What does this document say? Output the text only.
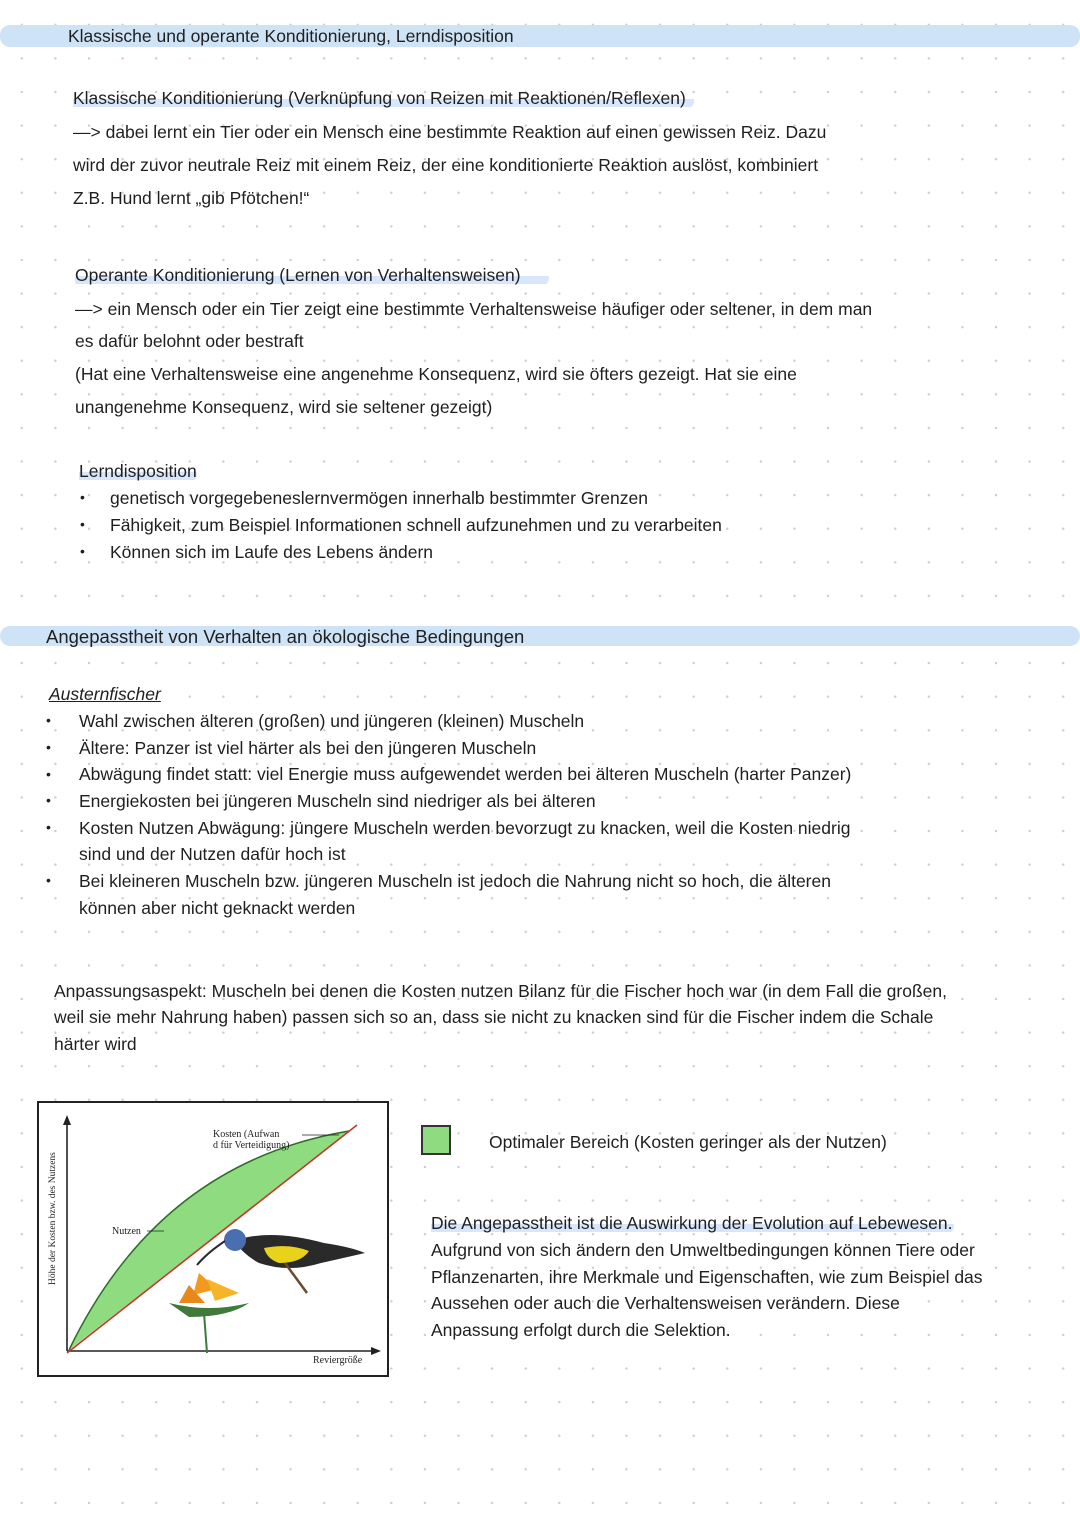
Klassische und operante Konditionierung, Lerndisposition
Klassische Konditionierung (Verknüpfung von Reizen mit Reaktionen/Reflexen)
—> dabei lernt ein Tier oder ein Mensch eine bestimmte Reaktion auf einen gewissen Reiz. Dazu
wird der zuvor neutrale Reiz mit einem Reiz, der eine konditionierte Reaktion auslöst, kombiniert
Z.B. Hund lernt „gib Pfötchen!“
Operante Konditionierung (Lernen von Verhaltensweisen)
—> ein Mensch oder ein Tier zeigt eine bestimmte Verhaltensweise häufiger oder seltener, in dem man
es dafür belohnt oder bestraft
(Hat eine Verhaltensweise eine angenehme Konsequenz, wird sie öfters gezeigt. Hat sie eine
unangenehme Konsequenz, wird sie seltener gezeigt)
Lerndisposition
• genetisch vorgegebeneslernvermögen innerhalb bestimmter Grenzen
• Fähigkeit, zum Beispiel Informationen schnell aufzunehmen und zu verarbeiten
• Können sich im Laufe des Lebens ändern
Angepasstheit von Verhalten an ökologische Bedingungen
Austernfischer
• Wahl zwischen älteren (großen) und jüngeren (kleinen) Muscheln
• Ältere: Panzer ist viel härter als bei den jüngeren Muscheln
• Abwägung findet statt: viel Energie muss aufgewendet werden bei älteren Muscheln (harter Panzer)
• Energiekosten bei jüngeren Muscheln sind niedriger als bei älteren
• Kosten Nutzen Abwägung: jüngere Muscheln werden bevorzugt zu knacken, weil die Kosten niedrig
sind und der Nutzen dafür hoch ist
• Bei kleineren Muscheln bzw. jüngeren Muscheln ist jedoch die Nahrung nicht so hoch, die älteren
können aber nicht geknackt werden
Anpassungsaspekt: Muscheln bei denen die Kosten nutzen Bilanz für die Fischer hoch war (in dem Fall die großen,
weil sie mehr Nahrung haben) passen sich so an, dass sie nicht zu knacken sind für die Fischer indem die Schale
härter wird
Kosten (Aufwan d für Verteidigung)
Nutzen
Reviergröße
Höhe der Kosten bzw. des Nutzens
Optimaler Bereich (Kosten geringer als der Nutzen)
Die Angepasstheit ist die Auswirkung der Evolution auf Lebewesen.
Aufgrund von sich ändern den Umweltbedingungen können Tiere oder
Pflanzenarten, ihre Merkmale und Eigenschaften, wie zum Beispiel das
Aussehen oder auch die Verhaltensweisen verändern. Diese
Anpassung erfolgt durch die Selektion.
